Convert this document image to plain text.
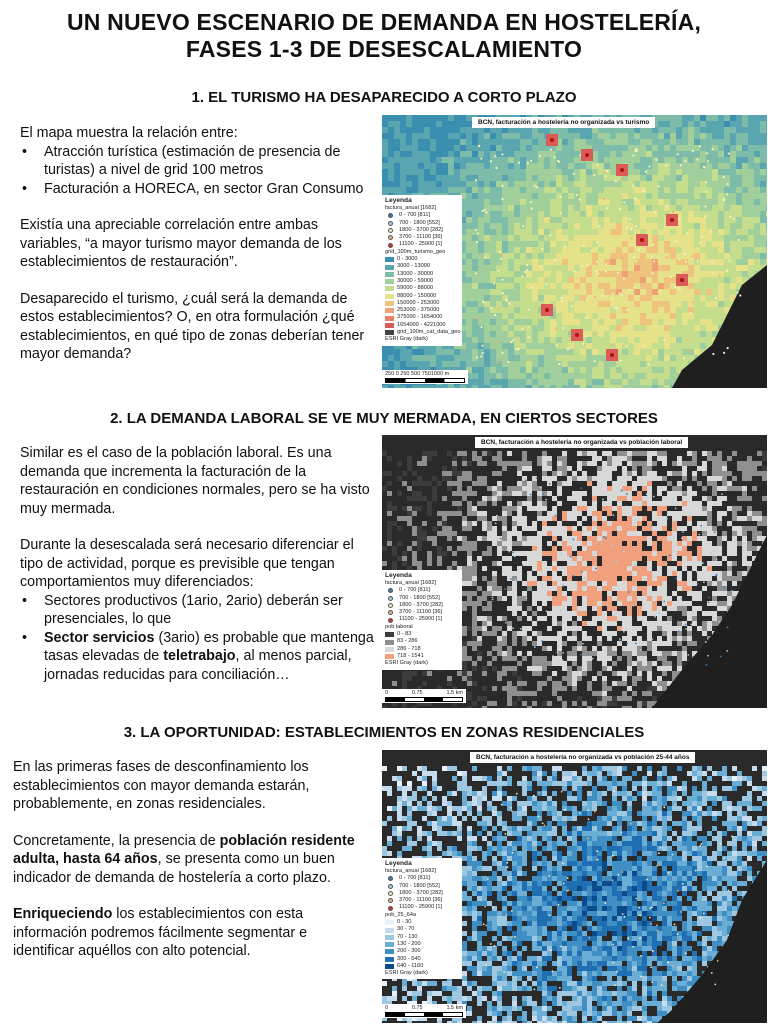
UN NUEVO ESCENARIO DE DEMANDA EN HOSTELERÍA,
FASES 1-3 DE DESESCALAMIENTO
1. EL TURISMO HA DESAPARECIDO A CORTO PLAZO

El mapa muestra la relación entre:

• Atracción turística (estimación de presencia de turistas) a nivel de grid 100 metros
• Facturación a HORECA, en sector Gran Consumo

Existía una apreciable correlación entre ambas variables, “a mayor turismo mayor demanda de los establecimientos de restauración”.

Desaparecido el turismo, ¿cuál será la demanda de estos establecimientos? O, en otra formulación ¿qué establecimientos, en qué tipo de zonas deberían tener mayor demanda?

BCN, facturación a hostelería no organizada vs turismo
Leyenda
factura_anual [1682]
0 - 700 [811]
700 - 1800 [552]
1800 - 3700 [282]
3700 - 11100 [36]
11100 - 25900 [1]
grid_100m_turismo_geo
0 - 3000
3000 - 13000
13000 - 30000
30000 - 59000
59000 - 88000
88000 - 150000
150000 - 253000
253000 - 375000
375000 - 1654000
1654000 - 4221000
grid_100m_cat_data_geo
ESRI Gray (dark)
250 0 250 500 7501000 m
2. LA DEMANDA LABORAL SE VE MUY MERMADA, EN CIERTOS SECTORES

Similar es el caso de la población laboral. Es una demanda que incrementa la facturación de la restauración en condiciones normales, pero se ha visto muy mermada.

Durante la desescalada será necesario diferenciar el tipo de actividad, porque es previsible que tengan comportamientos muy diferenciados:

• Sectores productivos (1ario, 2ario) deberán ser presenciales, lo que
• Sector servicios (3ario) es probable que mantenga tasas elevadas de teletrabajo, al menos parcial, jornadas reducidas para conciliación…
BCN, facturación a hostelería no organizada vs población laboral
Leyenda
factura_anual [1682]
0 - 700 [811]
700 - 1800 [552]
1800 - 3700 [282]
3700 - 11100 [36]
11100 - 25900 [1]
pob laboral
0 - 83
83 - 286
286 - 718
718 - 1541
ESRI Gray (dark)
0	0.75	1.5 km
3. LA OPORTUNIDAD: ESTABLECIMIENTOS EN ZONAS RESIDENCIALES

En las primeras fases de desconfinamiento los establecimientos con mayor demanda estarán, probablemente, en zonas residenciales.

Concretamente, la presencia de población residente adulta, hasta 64 años, se presenta como un buen indicador de demanda de hostelería a corto plazo.

Enriqueciendo los establecimientos con esta información podremos fácilmente segmentar e identificar aquéllos con alto potencial.

BCN, facturación a hostelería no organizada vs población 25-44 años
Leyenda
factura_anual [1682]
0 - 700 [811]
700 - 1800 [552]
1800 - 3700 [282]
3700 - 11100 [36]
11100 - 25900 [1]
pob_25_64a
0 - 30
30 - 70
70 - 130
130 - 200
200 - 300
300 - 640
640 - 1160
ESRI Gray (dark)
0	0.75	1.5 km
